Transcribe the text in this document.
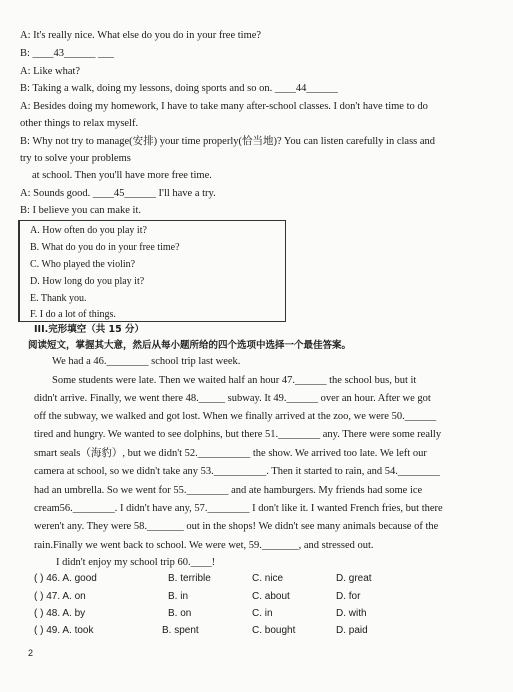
A: It's really nice. What else do you do in your free time?
B: ____43______ ___
A: Like what?
B: Taking a walk, doing my lessons, doing sports and so on. ____44______
A: Besides doing my homework, I have to take many after-school classes. I don't have time to do
other things to relax myself.
B: Why not try to manage(安排) your time properly(恰当地)? You can listen carefully in class and
try to solve your problems
at school. Then you'll have more free time.
A: Sounds good. ____45______ I'll have a try.
B: I believe you can make it.
A. How often do you play it?
B. What do you do in your free time?
C. Who played the violin?
D. How long do you play it?
E. Thank you.
F. I do a lot of things.
III.完形填空（共 15 分）
阅读短文，掌握其大意，然后从每小题所给的四个选项中选择一个最佳答案。
We had a 46.________ school trip last week.
Some students were late. Then we waited half an hour 47.______ the school bus, but it
didn't arrive. Finally, we went there 48._____ subway. It 49.______ over an hour. After we got
off the subway, we walked and got lost. When we finally arrived at the zoo, we were 50.______
tired and hungry. We wanted to see dolphins, but there 51.________ any. There were some really
smart seals（海豹）, but we didn't 52.__________ the show. We arrived too late. We left our
camera at school, so we didn't take any 53.__________. Then it started to rain, and 54.________
had an umbrella. So we went for 55.________ and ate hamburgers. My friends had some ice
cream56.________. I didn't have any, 57.________ I don't like it. I wanted French fries, but there
weren't any. They were 58._______ out in the shops! We didn't see many animals because of the
rain.Finally we went back to school. We were wet, 59._______, and stressed out.
I didn't enjoy my school trip 60.____!
( ) 46. A. good	B. terrible	C. nice	D. great
( ) 47. A. on	B. in	C. about	D. for
( ) 48. A. by	B. on	C. in	D. with
( ) 49. A. took	B. spent	C. bought	D. paid
2
